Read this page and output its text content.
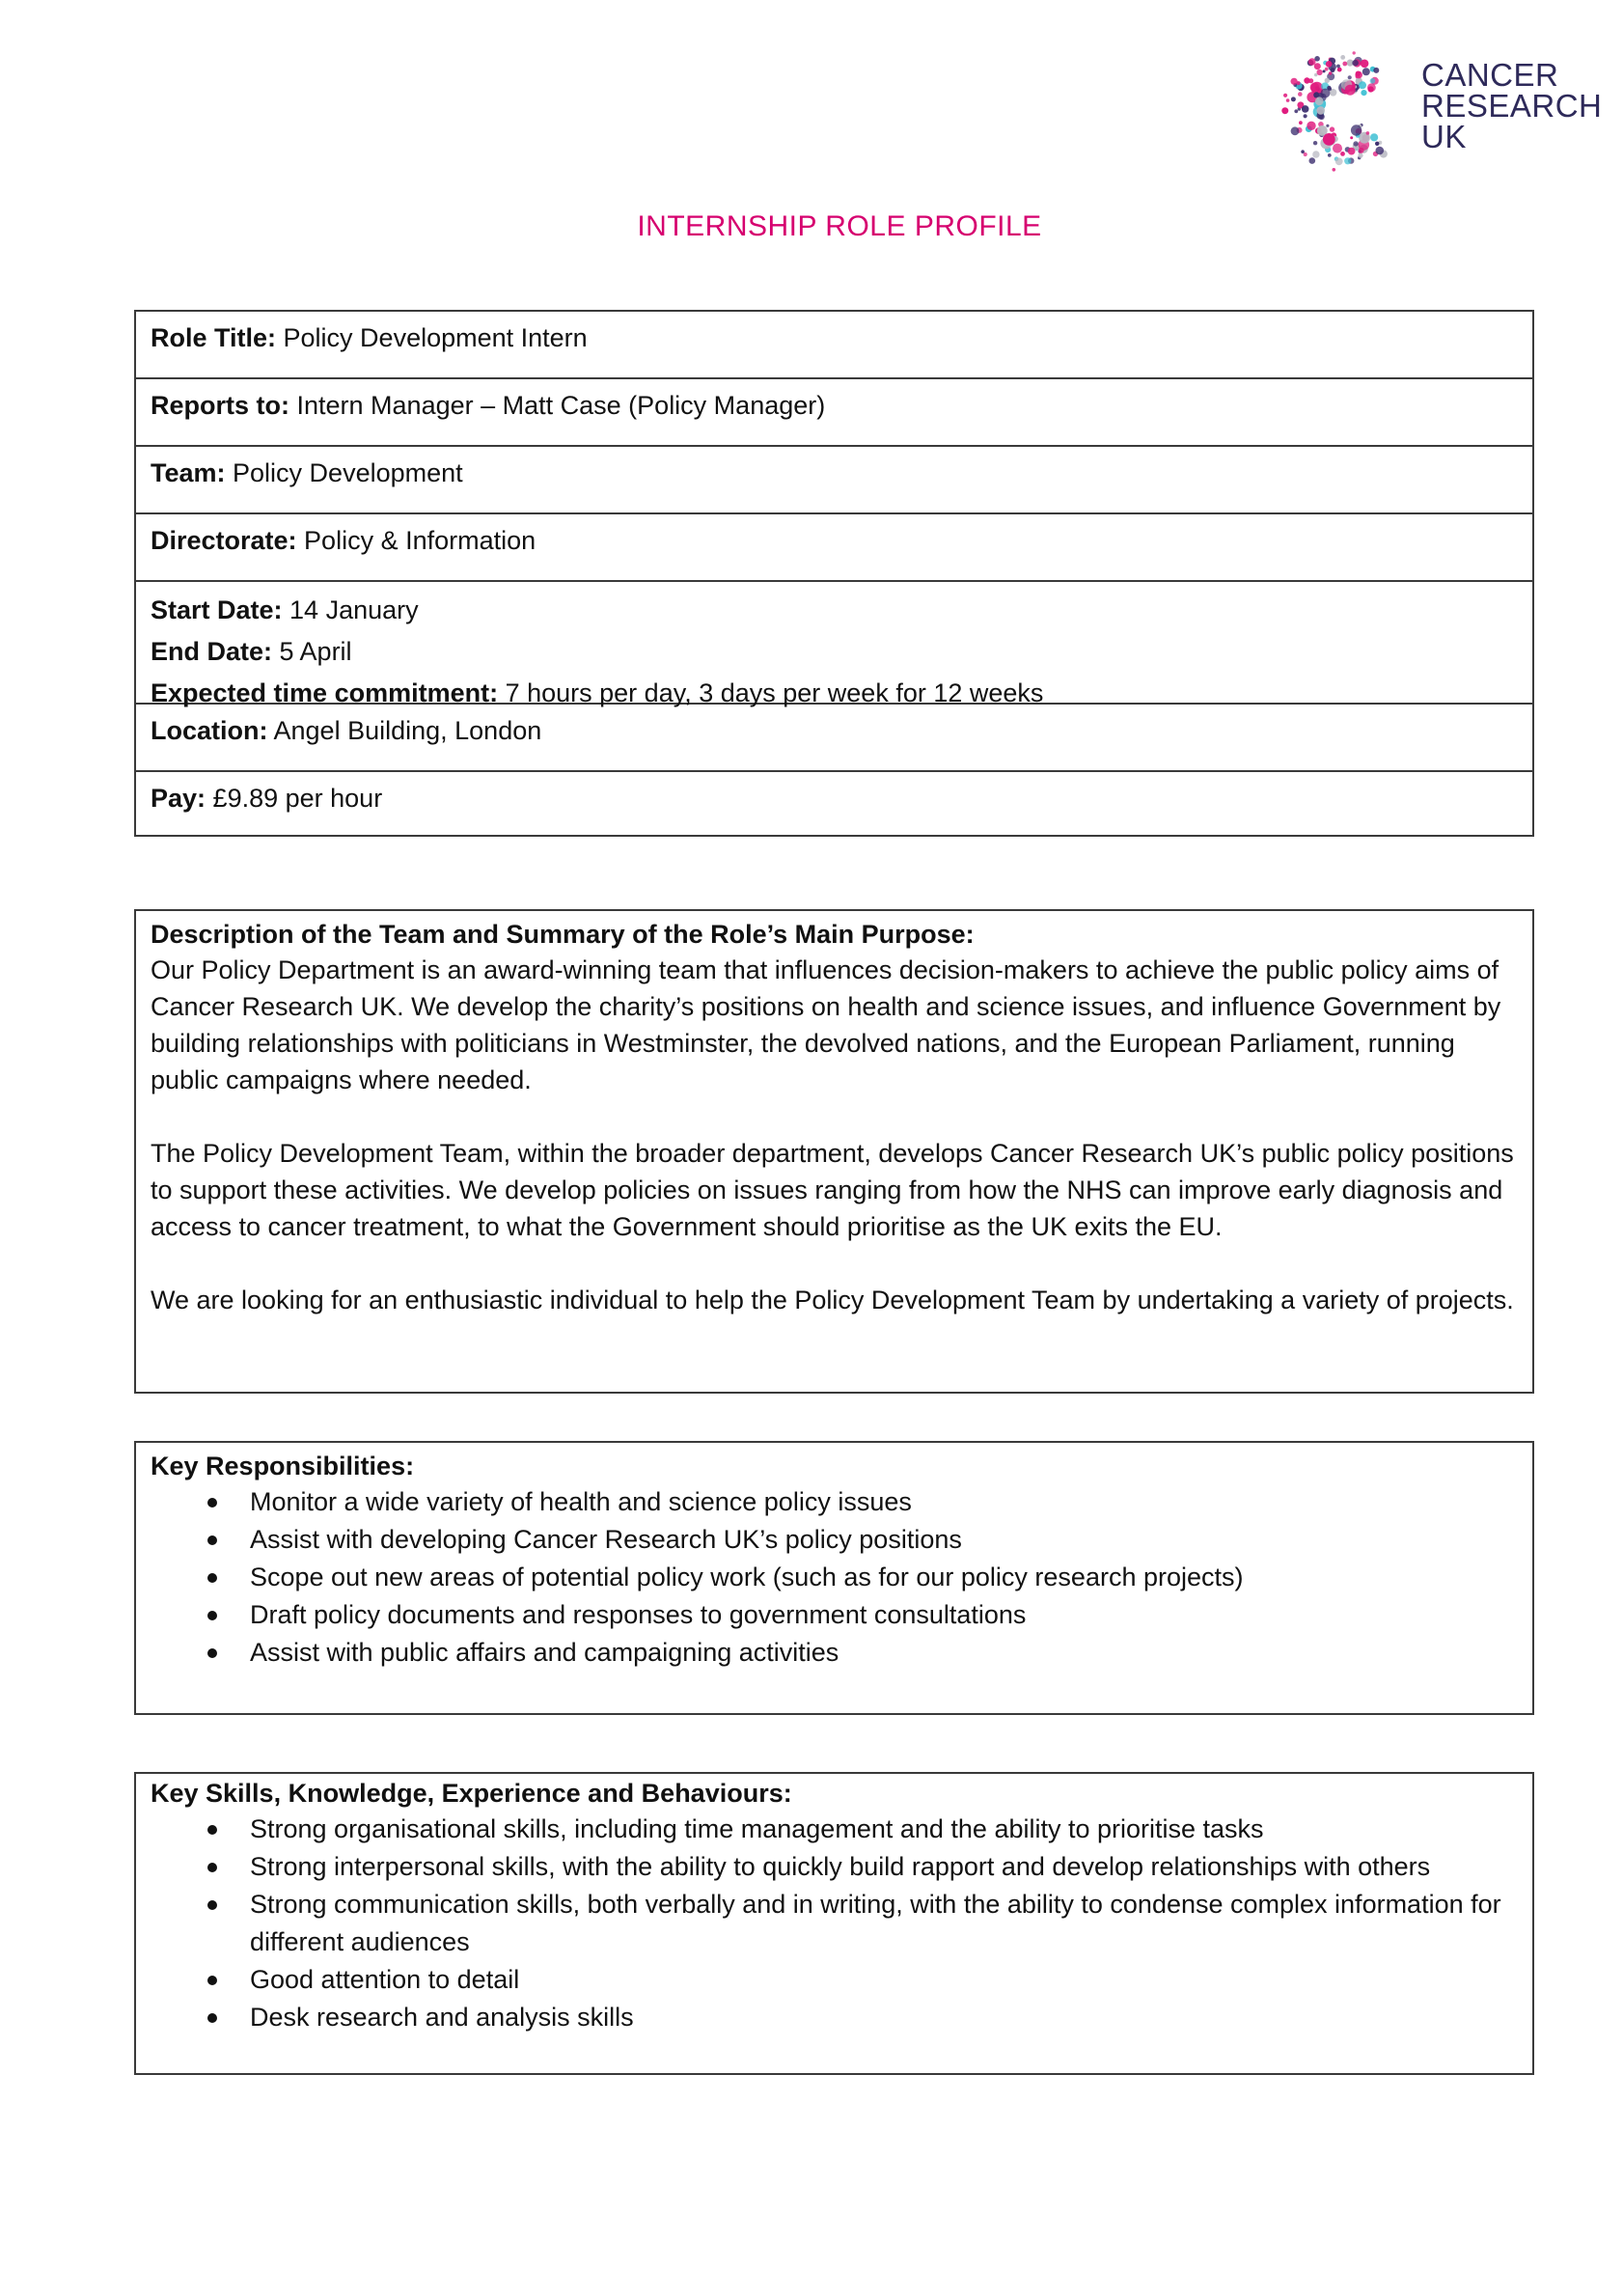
CANCER
RESEARCH
UK
INTERNSHIP ROLE PROFILE
Role Title: Policy Development Intern
Reports to: Intern Manager – Matt Case (Policy Manager)
Team: Policy Development
Directorate: Policy & Information
Start Date: 14 January
End Date: 5 April
Expected time commitment: 7 hours per day, 3 days per week for 12 weeks
Location: Angel Building, London
Pay: £9.89 per hour
Description of the Team and Summary of the Role’s Main Purpose:

Our Policy Department is an award-winning team that influences decision-makers to achieve the public policy aims of Cancer Research UK. We develop the charity’s positions on health and science issues, and influence Government by building relationships with politicians in Westminster, the devolved nations, and the European Parliament, running public campaigns where needed.

The Policy Development Team, within the broader department, develops Cancer Research UK’s public policy positions to support these activities. We develop policies on issues ranging from how the NHS can improve early diagnosis and access to cancer treatment, to what the Government should prioritise as the UK exits the EU.

We are looking for an enthusiastic individual to help the Policy Development Team by undertaking a variety of projects.

Key Responsibilities:
Monitor a wide variety of health and science policy issues
Assist with developing Cancer Research UK’s policy positions
Scope out new areas of potential policy work (such as for our policy research projects)
Draft policy documents and responses to government consultations
Assist with public affairs and campaigning activities
Key Skills, Knowledge, Experience and Behaviours:
Strong organisational skills, including time management and the ability to prioritise tasks
Strong interpersonal skills, with the ability to quickly build rapport and develop relationships with others
Strong communication skills, both verbally and in writing, with the ability to condense complex information for different audiences
Good attention to detail
Desk research and analysis skills
